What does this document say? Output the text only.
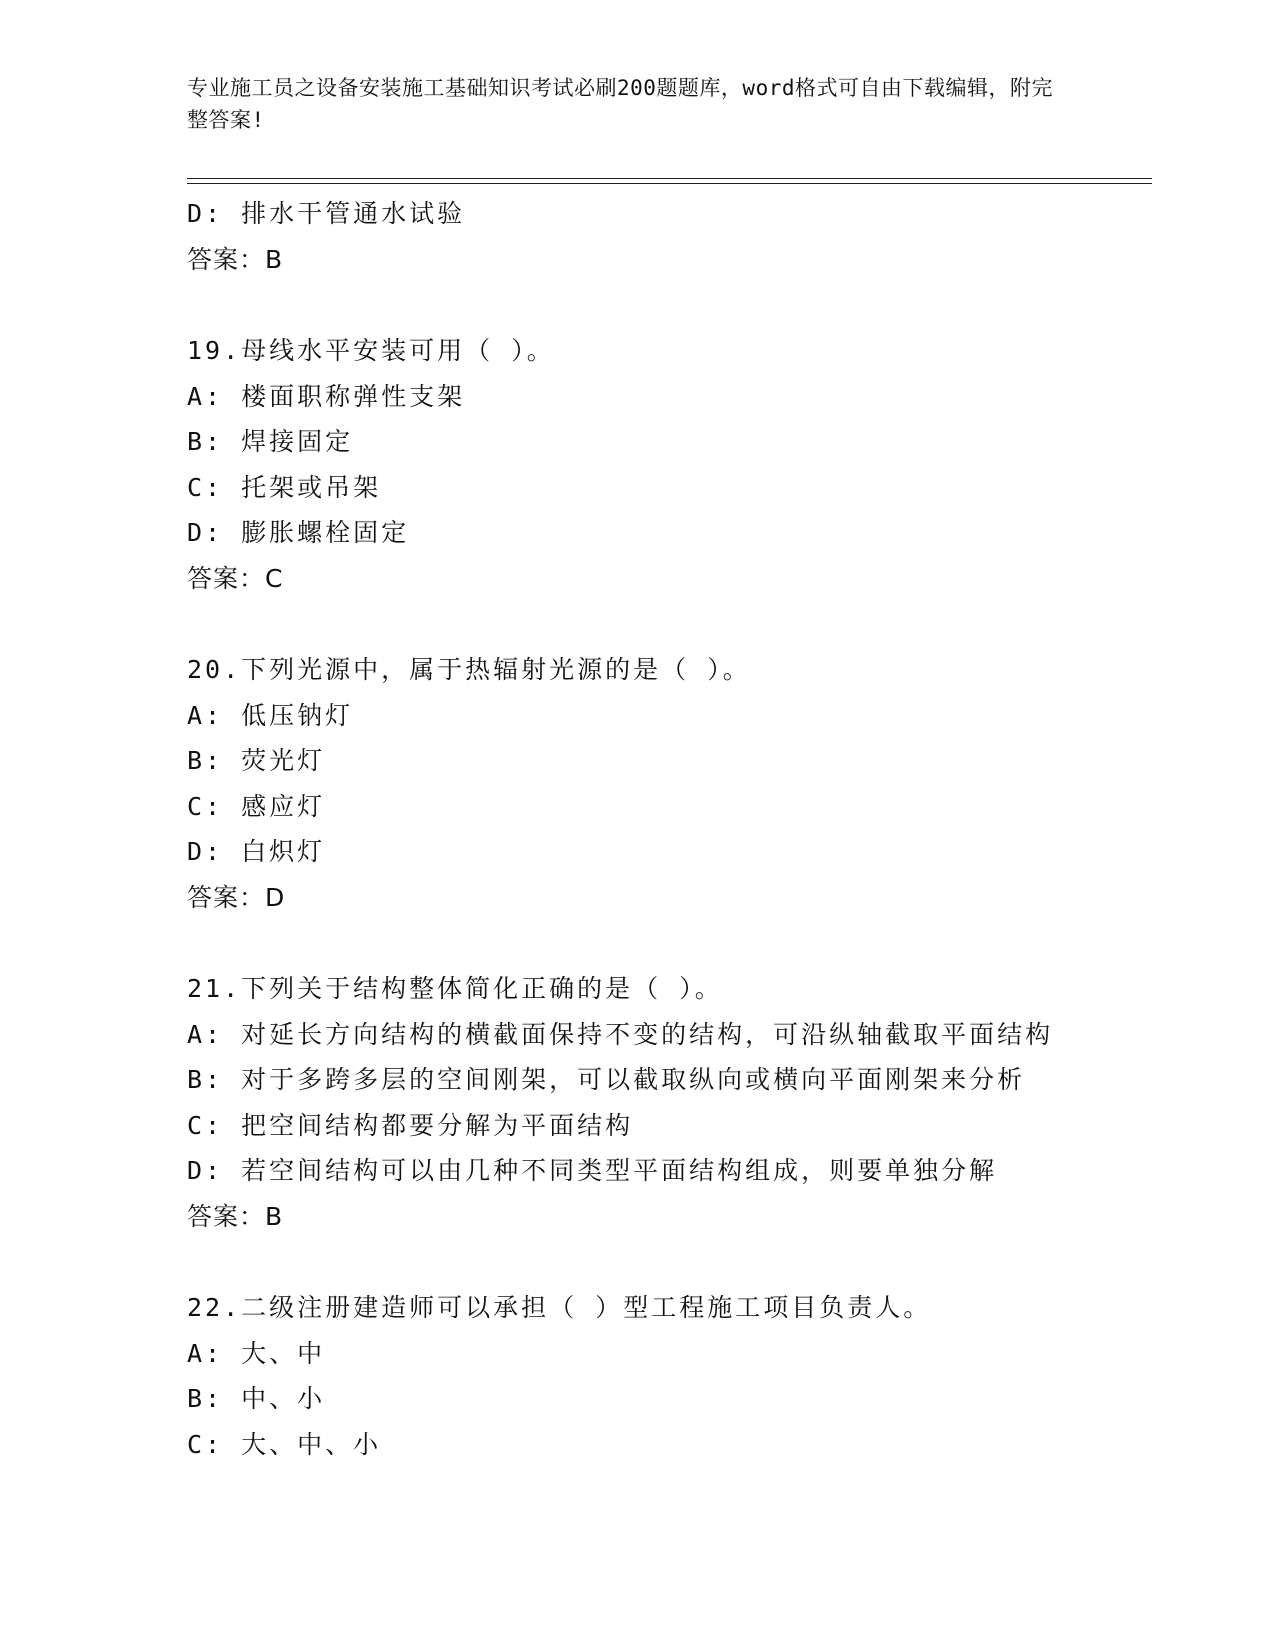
专业施工员之设备安装施工基础知识考试必刷200题题库，word格式可自由下载编辑，附完整答案!
D: 排水干管通水试验
答案：B
19.母线水平安装可用（ ）。
A: 楼面职称弹性支架
B: 焊接固定
C: 托架或吊架
D: 膨胀螺栓固定
答案：C
20.下列光源中，属于热辐射光源的是（ ）。
A: 低压钠灯
B: 荧光灯
C: 感应灯
D: 白炽灯
答案：D
21.下列关于结构整体简化正确的是（ ）。
A: 对延长方向结构的横截面保持不变的结构，可沿纵轴截取平面结构
B: 对于多跨多层的空间刚架，可以截取纵向或横向平面刚架来分析
C: 把空间结构都要分解为平面结构
D: 若空间结构可以由几种不同类型平面结构组成，则要单独分解
答案：B
22.二级注册建造师可以承担（ ）型工程施工项目负责人。
A: 大、中
B: 中、小
C: 大、中、小
